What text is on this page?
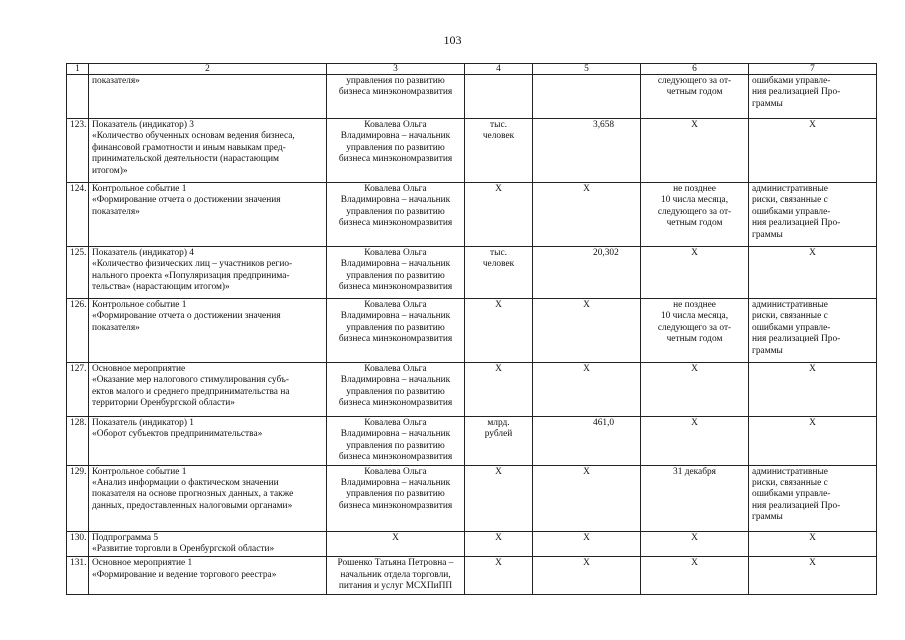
103
1	2	3	4	5	6	7
	показателя»	управления по развитию
бизнеса минэкономразвития			следующего за от-
четным годом	ошибками управле-
ния реализацией Про-
граммы
123.	Показатель (индикатор) 3
«Количество обученных основам ведения бизнеса,
финансовой грамотности и иным навыкам пред-
принимательской деятельности (нарастающим
итогом)»	Ковалева Ольга
Владимировна – начальник
управления по развитию
бизнеса минэкономразвития	тыс.
человек	3,658	Х	Х
124.	Контрольное событие 1
«Формирование отчета о достижении значения
показателя»	Ковалева Ольга
Владимировна – начальник
управления по развитию
бизнеса минэкономразвития	Х	Х	не позднее
10 числа месяца,
следующего за от-
четным годом	административные
риски, связанные с
ошибками управле-
ния реализацией Про-
граммы
125.	Показатель (индикатор) 4
«Количество физических лиц – участников регио-
нального проекта «Популяризация предпринима-
тельства» (нарастающим итогом)»	Ковалева Ольга
Владимировна – начальник
управления по развитию
бизнеса минэкономразвития	тыс.
человек	20,302	Х	Х
126.	Контрольное событие 1
«Формирование отчета о достижении значения
показателя»	Ковалева Ольга
Владимировна – начальник
управления по развитию
бизнеса минэкономразвития	Х	Х	не позднее
10 числа месяца,
следующего за от-
четным годом	административные
риски, связанные с
ошибками управле-
ния реализацией Про-
граммы
127.	Основное мероприятие
«Оказание мер налогового стимулирования субъ-
ектов малого и среднего предпринимательства на
территории Оренбургской области»	Ковалева Ольга
Владимировна – начальник
управления по развитию
бизнеса минэкономразвития	Х	Х	Х	Х
128.	Показатель (индикатор) 1
«Оборот субъектов предпринимательства»	Ковалева Ольга
Владимировна – начальник
управления по развитию
бизнеса минэкономразвития	млрд.
рублей	461,0	Х	Х
129.	Контрольное событие 1
«Анализ информации о фактическом значении
показателя на основе прогнозных данных, а также
данных, предоставленных налоговыми органами»	Ковалева Ольга
Владимировна – начальник
управления по развитию
бизнеса минэкономразвития	Х	Х	31 декабря	административные
риски, связанные с
ошибками управле-
ния реализацией Про-
граммы
130.	Подпрограмма 5
«Развитие торговли в Оренбургской области»	Х	Х	Х	Х	Х
131.	Основное мероприятие 1
«Формирование и ведение торгового реестра»	Рошенко Татьяна Петровна –
начальник отдела торговли,
питания и услуг МСХПиПП	Х	Х	Х	Х
